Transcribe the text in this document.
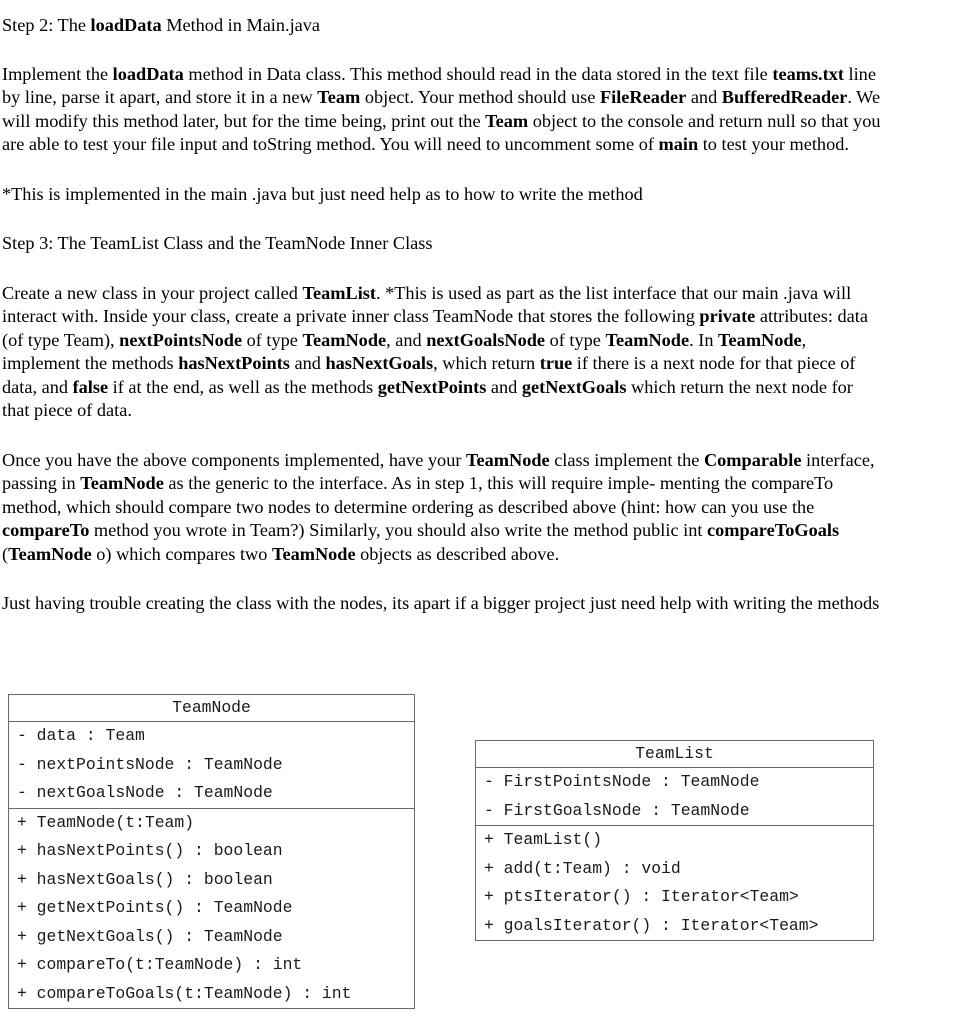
Step 2: The loadData Method in Main.java

Implement the loadData method in Data class. This method should read in the data stored in the text file teams.txt line by line, parse it apart, and store it in a new Team object. Your method should use FileReader and BufferedReader. We will modify this method later, but for the time being, print out the Team object to the console and return null so that you are able to test your file input and toString method. You will need to uncomment some of main to test your method.

*This is implemented in the main .java but just need help as to how to write the method

Step 3: The TeamList Class and the TeamNode Inner Class

Create a new class in your project called TeamList. *This is used as part as the list interface that our main .java will interact with. Inside your class, create a private inner class TeamNode that stores the following private attributes: data (of type Team), nextPointsNode of type TeamNode, and nextGoalsNode of type TeamNode. In TeamNode, implement the methods hasNextPoints and hasNextGoals, which return true if there is a next node for that piece of data, and false if at the end, as well as the methods getNextPoints and getNextGoals which return the next node for that piece of data.

Once you have the above components implemented, have your TeamNode class implement the Comparable interface, passing in TeamNode as the generic to the interface. As in step 1, this will require imple- menting the compareTo method, which should compare two nodes to determine ordering as described above (hint: how can you use the compareTo method you wrote in Team?) Similarly, you should also write the method public int compareToGoals (TeamNode o) which compares two TeamNode objects as described above.

Just having trouble creating the class with the nodes, its apart if a bigger project just need help with writing the methods

TeamNode
- data : Team
- nextPointsNode : TeamNode
- nextGoalsNode : TeamNode
+ TeamNode(t:Team)
+ hasNextPoints() : boolean
+ hasNextGoals() : boolean
+ getNextPoints() : TeamNode
+ getNextGoals() : TeamNode
+ compareTo(t:TeamNode) : int
+ compareToGoals(t:TeamNode) : int
TeamList
- FirstPointsNode : TeamNode
- FirstGoalsNode : TeamNode
+ TeamList()
+ add(t:Team) : void
+ ptsIterator() : Iterator<Team>
+ goalsIterator() : Iterator<Team>
